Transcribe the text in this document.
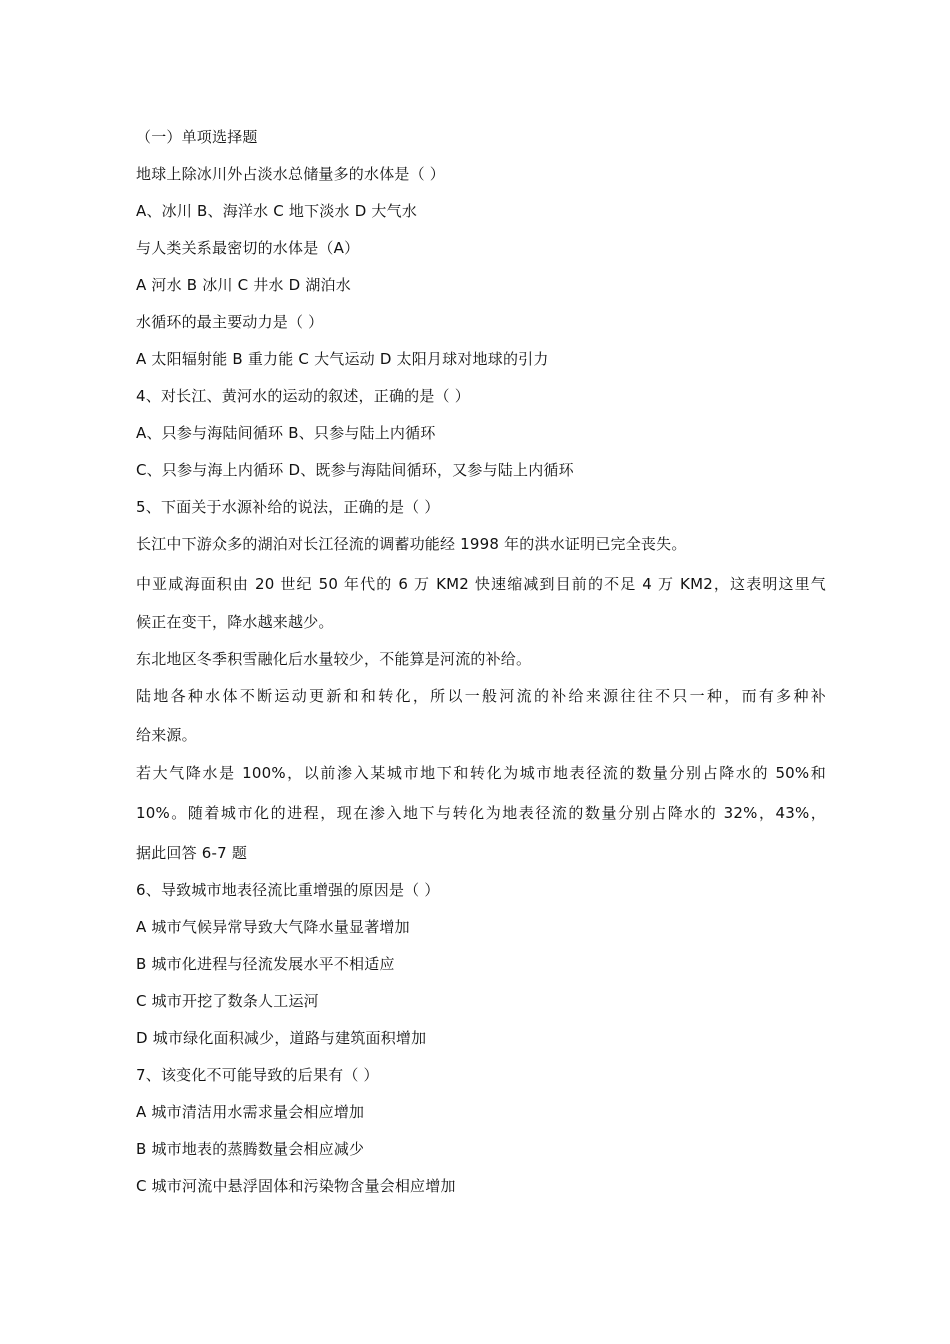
（一）单项选择题
地球上除冰川外占淡水总储量多的水体是（ ）
A、冰川 B、海洋水 C 地下淡水 D 大气水
与人类关系最密切的水体是（A）
A 河水 B 冰川 C 井水 D 湖泊水
水循环的最主要动力是（ ）
A 太阳辐射能 B 重力能 C 大气运动 D 太阳月球对地球的引力
4、对长江、黄河水的运动的叙述，正确的是（ ）
A、只参与海陆间循环 B、只参与陆上内循环
C、只参与海上内循环 D、既参与海陆间循环，又参与陆上内循环
5、下面关于水源补给的说法，正确的是（ ）
长江中下游众多的湖泊对长江径流的调蓄功能经 1998 年的洪水证明已完全丧失。
中亚咸海面积由 20 世纪 50 年代的 6 万 KM2 快速缩减到目前的不足 4 万 KM2，这表明这里气
候正在变干，降水越来越少。
东北地区冬季积雪融化后水量较少，不能算是河流的补给。
陆地各种水体不断运动更新和和转化，所以一般河流的补给来源往往不只一种，而有多种补
给来源。
若大气降水是 100%，以前渗入某城市地下和转化为城市地表径流的数量分别占降水的 50%和
10%。随着城市化的进程，现在渗入地下与转化为地表径流的数量分别占降水的 32%，43%，
据此回答 6-7 题
6、导致城市地表径流比重增强的原因是（ ）
A 城市气候异常导致大气降水量显著增加
B 城市化进程与径流发展水平不相适应
C 城市开挖了数条人工运河
D 城市绿化面积减少，道路与建筑面积增加
7、该变化不可能导致的后果有（ ）
A 城市清洁用水需求量会相应增加
B 城市地表的蒸腾数量会相应减少
C 城市河流中悬浮固体和污染物含量会相应增加
